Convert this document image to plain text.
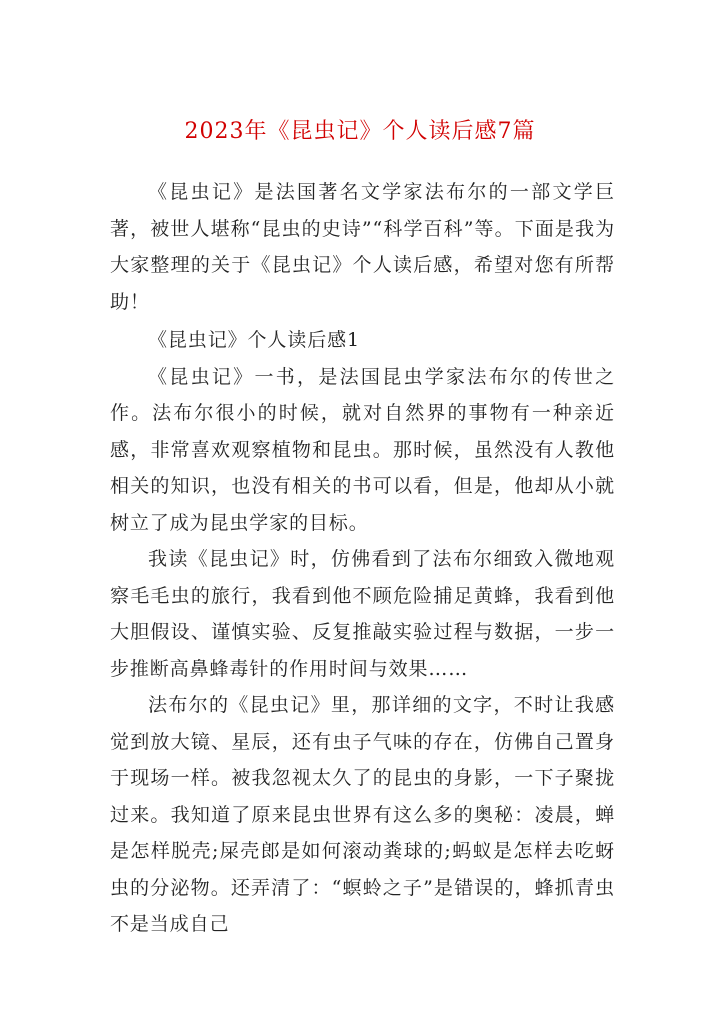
2023年《昆虫记》个人读后感7篇

《昆虫记》是法国著名文学家法布尔的一部文学巨著，被世人堪称“昆虫的史诗”“科学百科”等。下面是我为大家整理的关于《昆虫记》个人读后感，希望对您有所帮助！

《昆虫记》个人读后感1

《昆虫记》一书，是法国昆虫学家法布尔的传世之作。法布尔很小的时候，就对自然界的事物有一种亲近感，非常喜欢观察植物和昆虫。那时候，虽然没有人教他相关的知识，也没有相关的书可以看，但是，他却从小就树立了成为昆虫学家的目标。

我读《昆虫记》时，仿佛看到了法布尔细致入微地观察毛毛虫的旅行，我看到他不顾危险捕足黄蜂，我看到他大胆假设、谨慎实验、反复推敲实验过程与数据，一步一步推断高鼻蜂毒针的作用时间与效果……

法布尔的《昆虫记》里，那详细的文字，不时让我感觉到放大镜、星辰，还有虫子气味的存在，仿佛自己置身于现场一样。被我忽视太久了的昆虫的身影，一下子聚拢过来。我知道了原来昆虫世界有这么多的奥秘：凌晨，蝉是怎样脱壳;屎壳郎是如何滚动粪球的;蚂蚁是怎样去吃蚜虫的分泌物。还弄清了：“螟蛉之子”是错误的，蜂抓青虫不是当成自己
